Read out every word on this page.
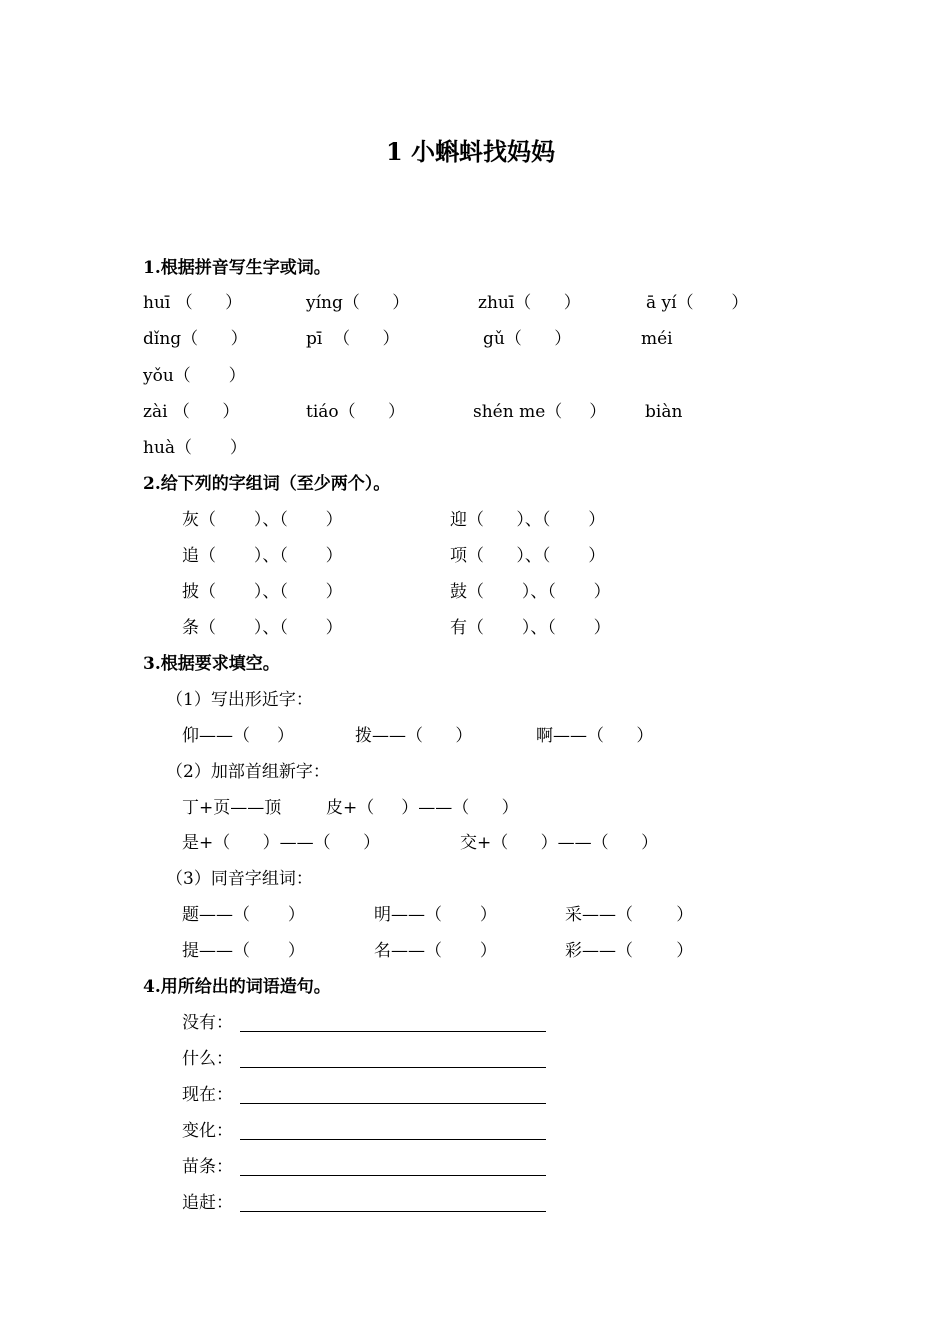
1 小蝌蚪找妈妈
1.根据拼音写生字或词。
huī （      ）	yíng（      ）	zhuī（      ）	ā yí（       ）
dǐng（      ）	pī  （      ）	gǔ（      ）	méi
yǒu（       ）
zài （      ）	tiáo（      ）	shén me（     ） biàn
huà（       ）
2.给下列的字组词（至少两个）。
灰（       ）、（       ）	迎（      ）、（       ）
追（       ）、（       ）	项（      ）、（       ）
披（       ）、（       ）	鼓（       ）、（       ）
条（       ）、（       ）	有（       ）、（       ）
3.根据要求填空。
（1）写出形近字：
仰——（     ）	拨——（      ）	啊——（      ）
（2）加部首组新字：
丁+页——顶	皮+（     ）——（      ）
是+（      ）——（      ）	交+（      ）——（      ）
（3）同音字组词：
题——（       ）	明——（       ）	采——（        ）
提——（       ）	名——（       ）	彩——（        ）
4.用所给出的词语造句。
没有：
什么：
现在：
变化：
苗条：
追赶：
